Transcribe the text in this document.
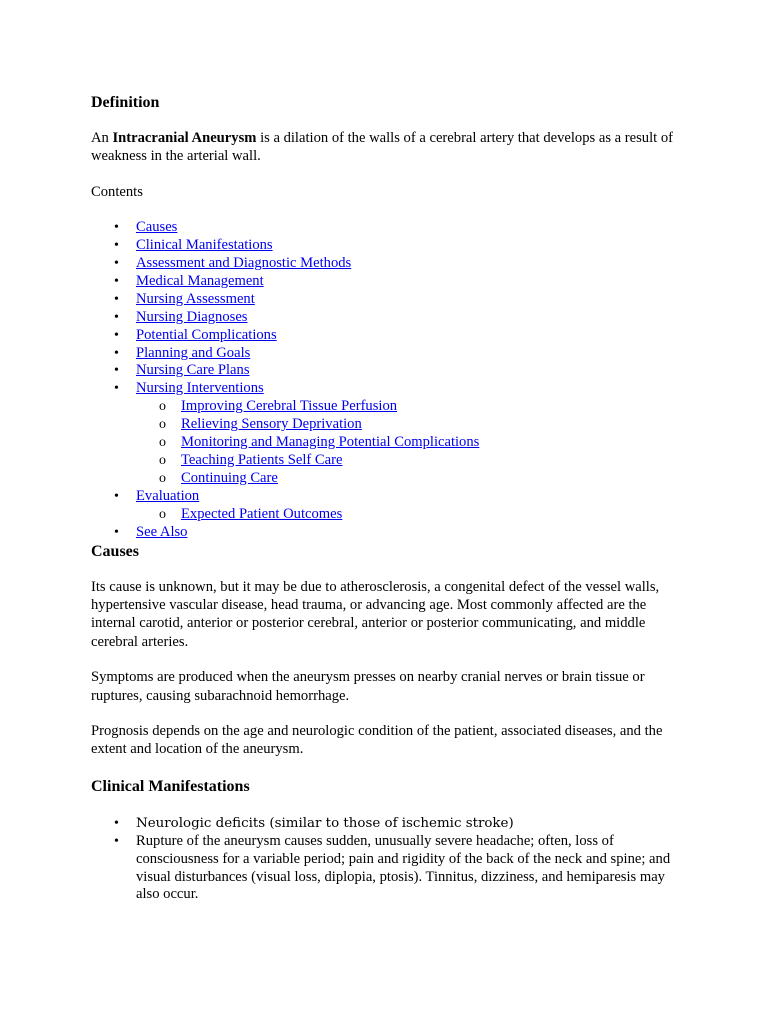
Definition

An Intracranial Aneurysm is a dilation of the walls of a cerebral artery that develops as a result of weakness in the arterial wall.

Contents

• Causes
• Clinical Manifestations
• Assessment and Diagnostic Methods
• Medical Management
• Nursing Assessment
• Nursing Diagnoses
• Potential Complications
• Planning and Goals
• Nursing Care Plans
• Nursing Interventions
o Improving Cerebral Tissue Perfusion
o Relieving Sensory Deprivation
o Monitoring and Managing Potential Complications
o Teaching Patients Self Care
o Continuing Care
• Evaluation
o Expected Patient Outcomes
• See Also
Causes

Its cause is unknown, but it may be due to atherosclerosis, a congenital defect of the vessel walls, hypertensive vascular disease, head trauma, or advancing age. Most commonly affected are the internal carotid, anterior or posterior cerebral, anterior or posterior communicating, and middle cerebral arteries.

Symptoms are produced when the aneurysm presses on nearby cranial nerves or brain tissue or ruptures, causing subarachnoid hemorrhage.

Prognosis depends on the age and neurologic condition of the patient, associated diseases, and the extent and location of the aneurysm.

Clinical Manifestations
• Neurologic deficits (similar to those of ischemic stroke)
• Rupture of the aneurysm causes sudden, unusually severe headache; often, loss of consciousness for a variable period; pain and rigidity of the back of the neck and spine; and visual disturbances (visual loss, diplopia, ptosis). Tinnitus, dizziness, and hemiparesis may also occur.
